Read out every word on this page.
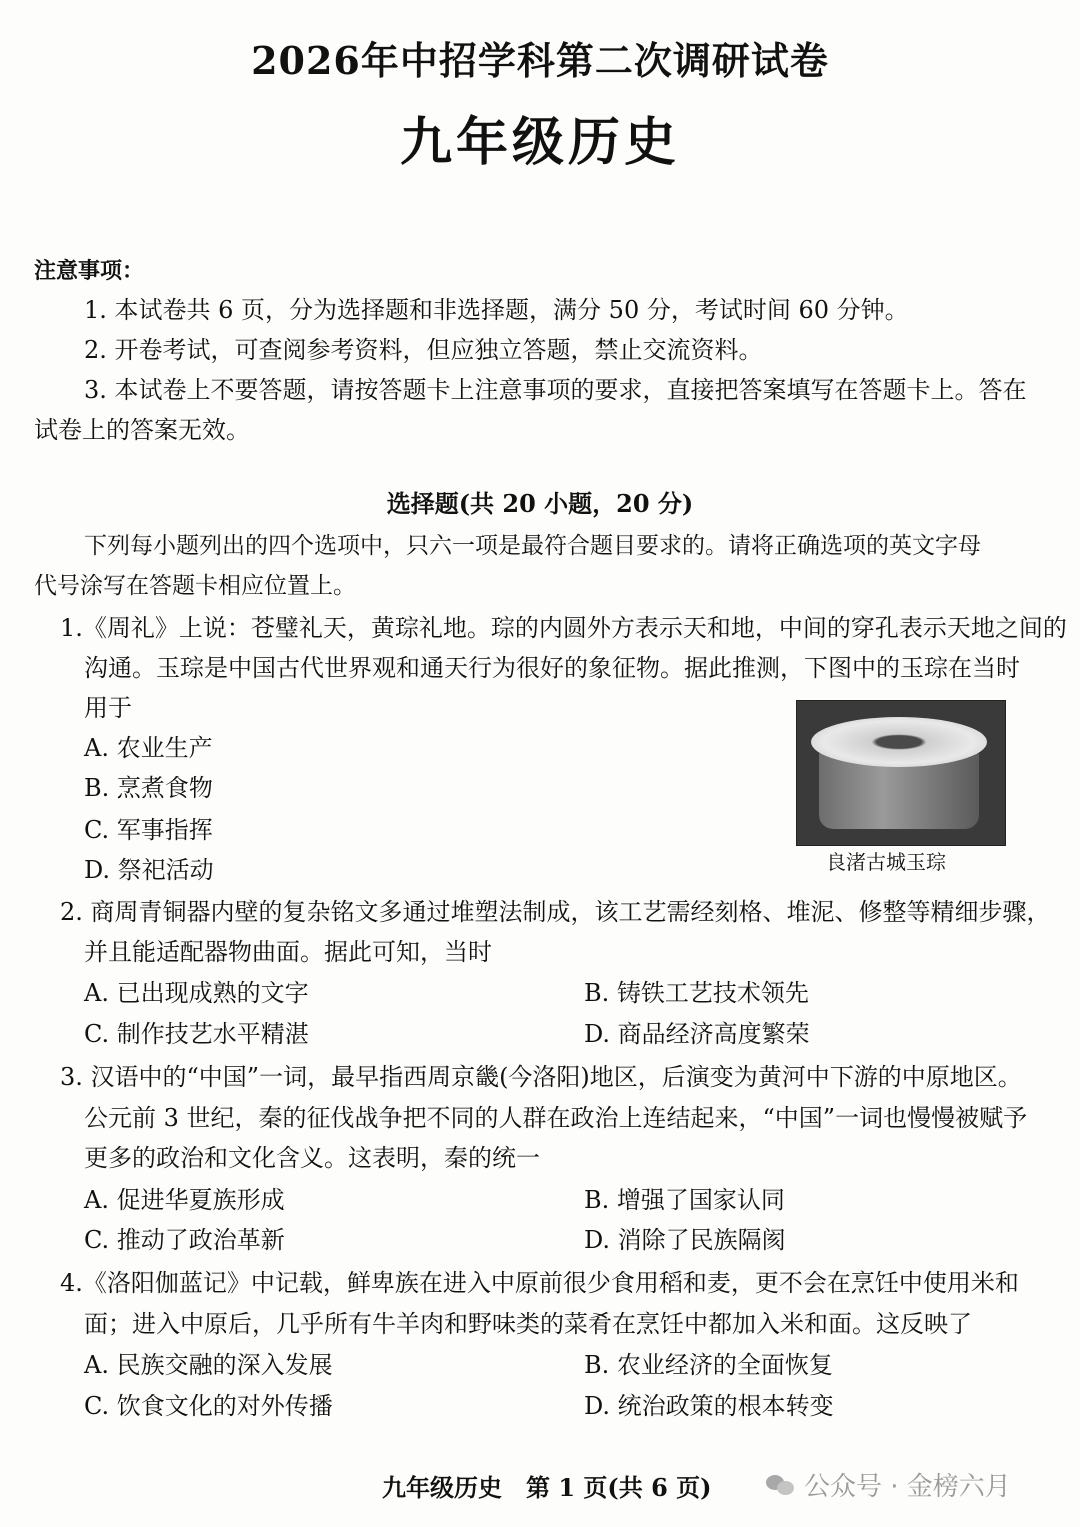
2026年中招学科第二次调研试卷
九年级历史
注意事项：
1. 本试卷共 6 页，分为选择题和非选择题，满分 50 分，考试时间 60 分钟。
2. 开卷考试，可查阅参考资料，但应独立答题，禁止交流资料。
3. 本试卷上不要答题，请按答题卡上注意事项的要求，直接把答案填写在答题卡上。答在
试卷上的答案无效。
选择题(共 20 小题，20 分)
下列每小题列出的四个选项中，只六一项是最符合题目要求的。请将正确选项的英文字母
代号涂写在答题卡相应位置上。
1.《周礼》上说：苍璧礼天，黄琮礼地。琮的内圆外方表示天和地，中间的穿孔表示天地之间的
沟通。玉琮是中国古代世界观和通天行为很好的象征物。据此推测，下图中的玉琮在当时
用于
A. 农业生产
B. 烹煮食物
C. 军事指挥
D. 祭祀活动	良渚古城玉琮
2. 商周青铜器内壁的复杂铭文多通过堆塑法制成，该工艺需经刻格、堆泥、修整等精细步骤，
并且能适配器物曲面。据此可知，当时
A. 已出现成熟的文字	B. 铸铁工艺技术领先
C. 制作技艺水平精湛	D. 商品经济高度繁荣
3. 汉语中的“中国”一词，最早指西周京畿(今洛阳)地区，后演变为黄河中下游的中原地区。
公元前 3 世纪，秦的征伐战争把不同的人群在政治上连结起来，“中国”一词也慢慢被赋予
更多的政治和文化含义。这表明，秦的统一
A. 促进华夏族形成	B. 增强了国家认同
C. 推动了政治革新	D. 消除了民族隔阂
4.《洛阳伽蓝记》中记载，鲜卑族在进入中原前很少食用稻和麦，更不会在烹饪中使用米和
面；进入中原后，几乎所有牛羊肉和野味类的菜肴在烹饪中都加入米和面。这反映了
A. 民族交融的深入发展	B. 农业经济的全面恢复
C. 饮食文化的对外传播	D. 统治政策的根本转变
九年级历史　第 1 页(共 6 页)	公众号 · 金榜六月
